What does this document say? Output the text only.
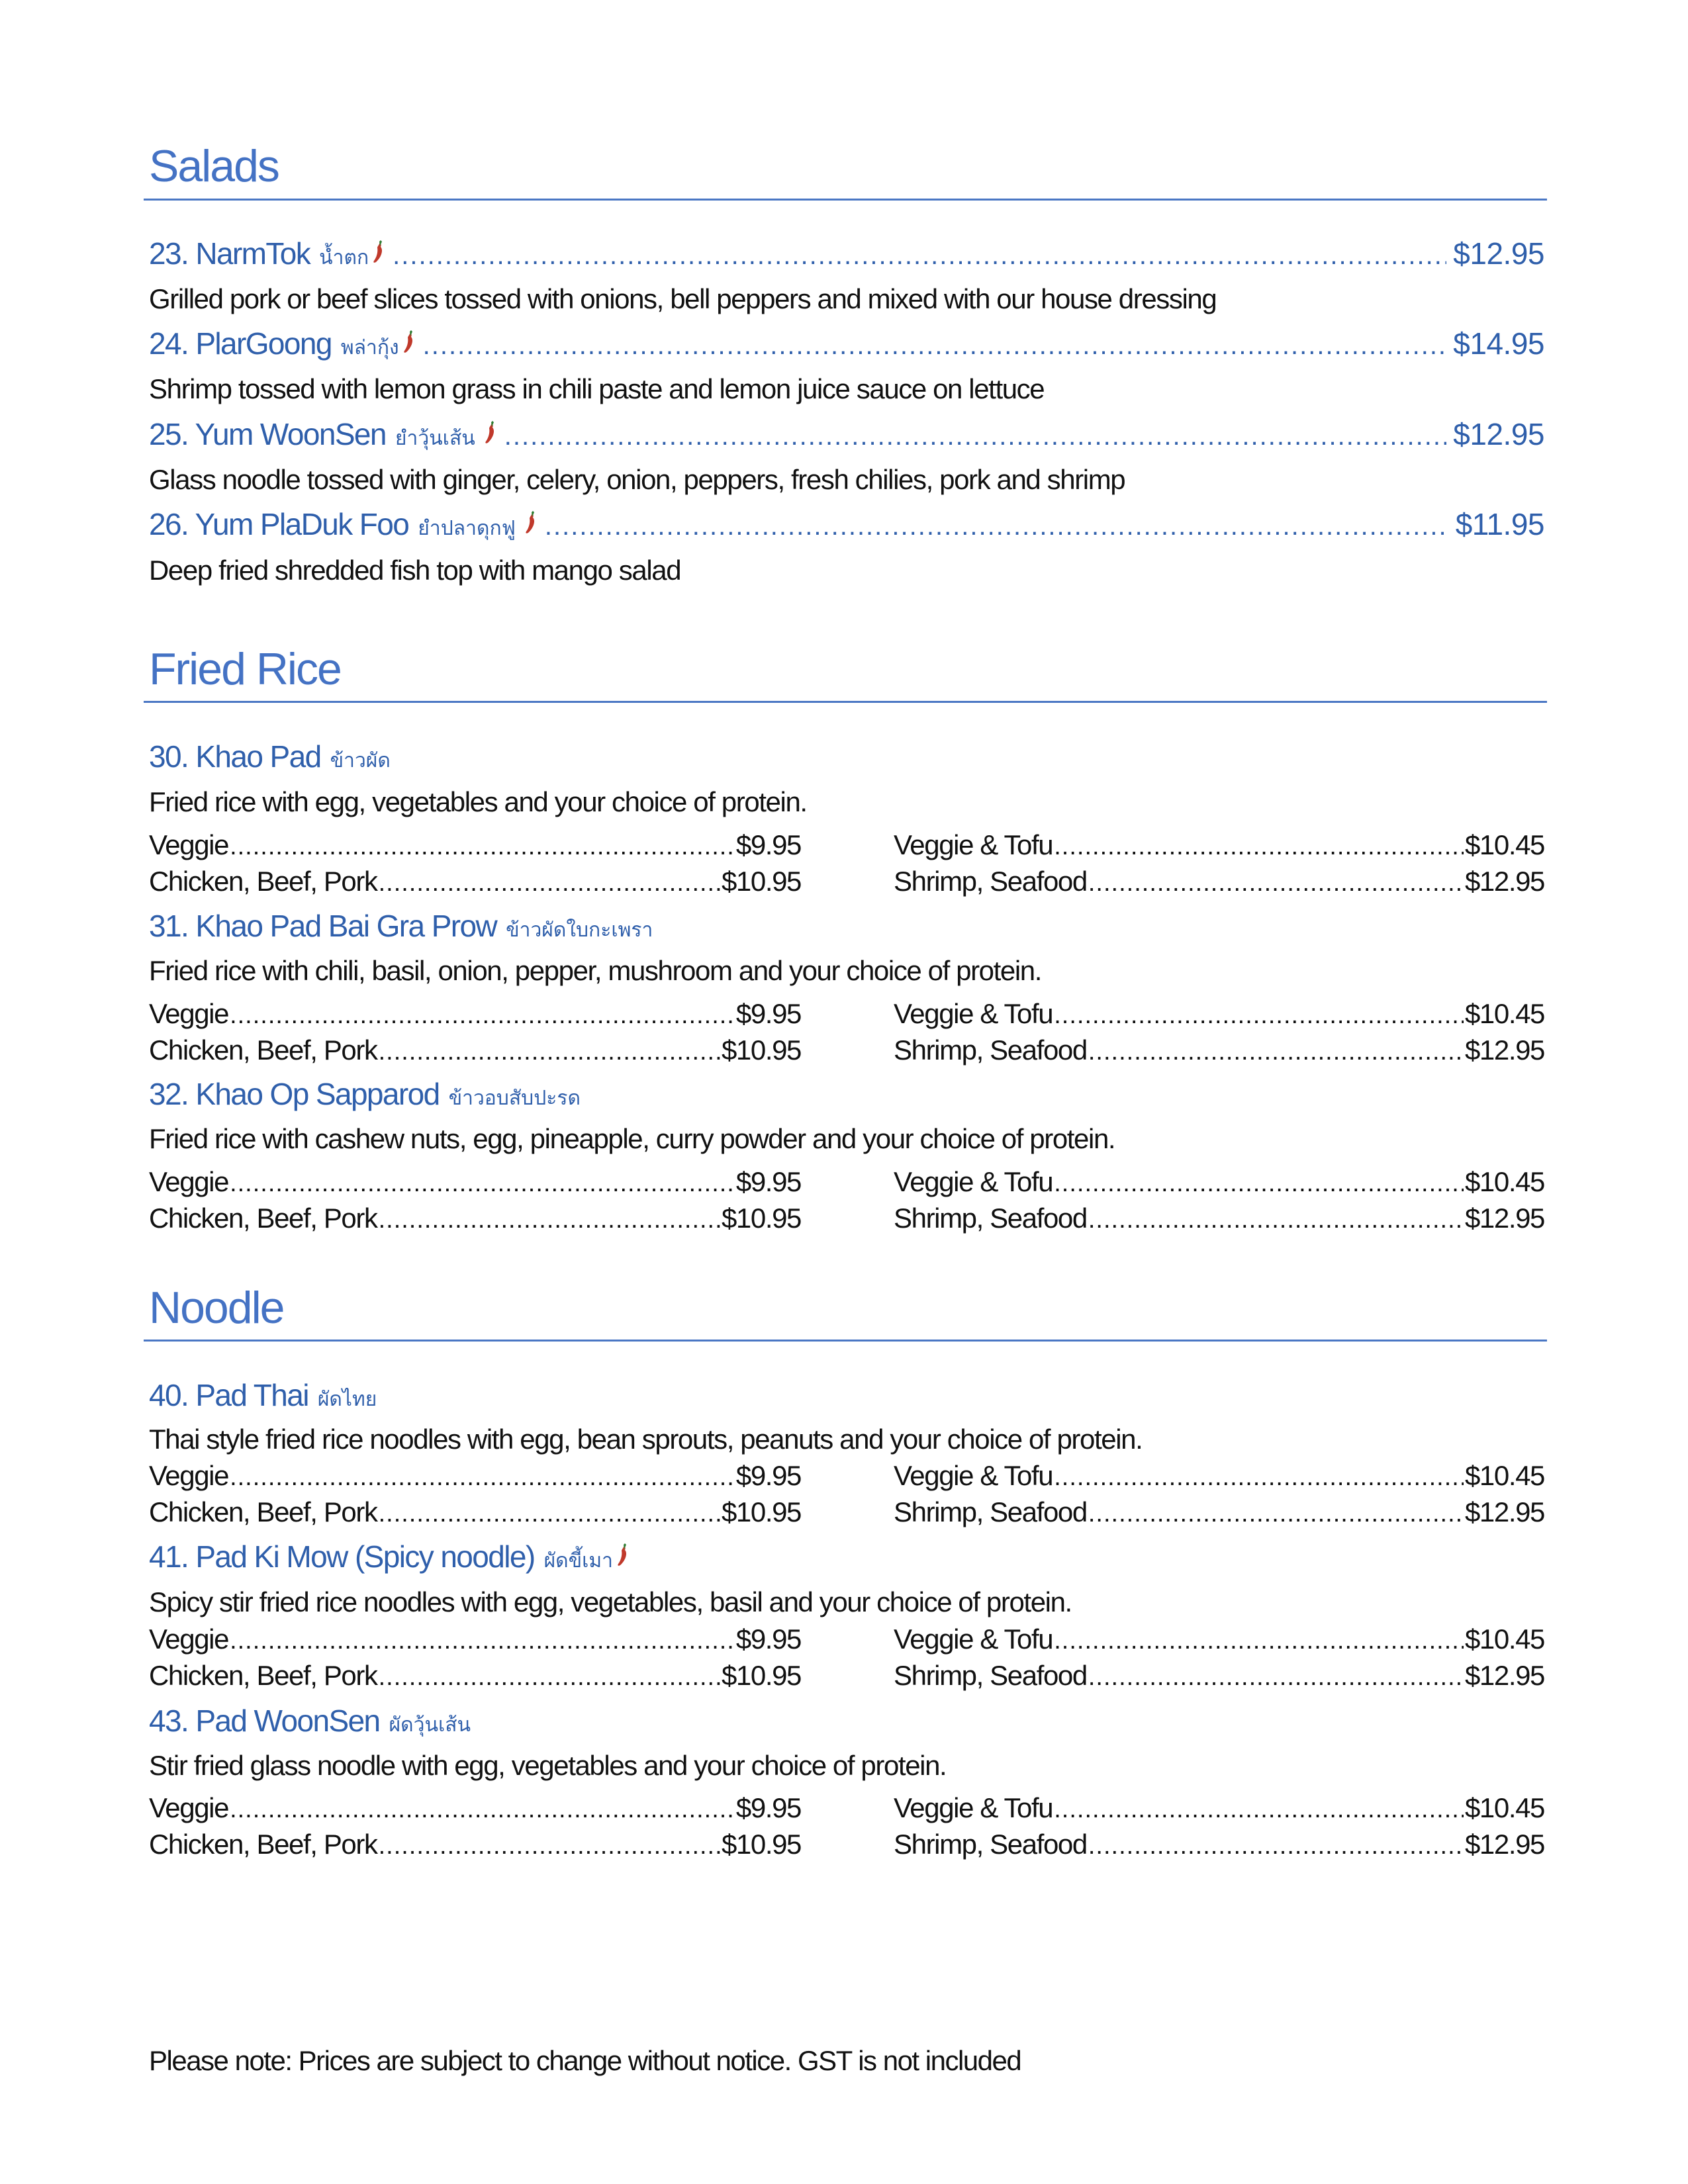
Salads
23. NarmTok น้ำตก .....	$12.95
Grilled pork or beef slices tossed with onions, bell peppers and mixed with our house dressing
24. PlarGoong พล่ากุ้ง .....	$14.95
Shrimp tossed with lemon grass in chili paste and lemon juice sauce on lettuce
25. Yum WoonSen ยำวุ้นเส้น .....	$12.95
Glass noodle tossed with ginger, celery, onion, peppers, fresh chilies, pork and shrimp
26. Yum PlaDuk Foo ยำปลาดุกฟู .....	$11.95
Deep fried shredded fish top with mango salad
Fried Rice
30. Khao Pad ข้าวผัด
Fried rice with egg, vegetables and your choice of protein.
Veggie .....	$9.95	Veggie & Tofu .....	$10.45
Chicken, Beef, Pork .....	$10.95	Shrimp, Seafood .....	$12.95
31. Khao Pad Bai Gra Prow ข้าวผัดใบกะเพรา
Fried rice with chili, basil, onion, pepper, mushroom and your choice of protein.
Veggie .....	$9.95	Veggie & Tofu .....	$10.45
Chicken, Beef, Pork .....	$10.95	Shrimp, Seafood .....	$12.95
32. Khao Op Sapparod ข้าวอบสับปะรด
Fried rice with cashew nuts, egg, pineapple, curry powder and your choice of protein.
Veggie .....	$9.95	Veggie & Tofu .....	$10.45
Chicken, Beef, Pork .....	$10.95	Shrimp, Seafood .....	$12.95
Noodle
40. Pad Thai ผัดไทย
Thai style fried rice noodles with egg, bean sprouts, peanuts and your choice of protein.
Veggie .....	$9.95	Veggie & Tofu .....	$10.45
Chicken, Beef, Pork .....	$10.95	Shrimp, Seafood .....	$12.95
41. Pad Ki Mow (Spicy noodle) ผัดขี้เมา
Spicy stir fried rice noodles with egg, vegetables, basil and your choice of protein.
Veggie .....	$9.95	Veggie & Tofu .....	$10.45
Chicken, Beef, Pork .....	$10.95	Shrimp, Seafood .....	$12.95
43. Pad WoonSen ผัดวุ้นเส้น
Stir fried glass noodle with egg, vegetables and your choice of protein.
Veggie .....	$9.95	Veggie & Tofu .....	$10.45
Chicken, Beef, Pork .....	$10.95	Shrimp, Seafood .....	$12.95
Please note: Prices are subject to change without notice. GST is not included
